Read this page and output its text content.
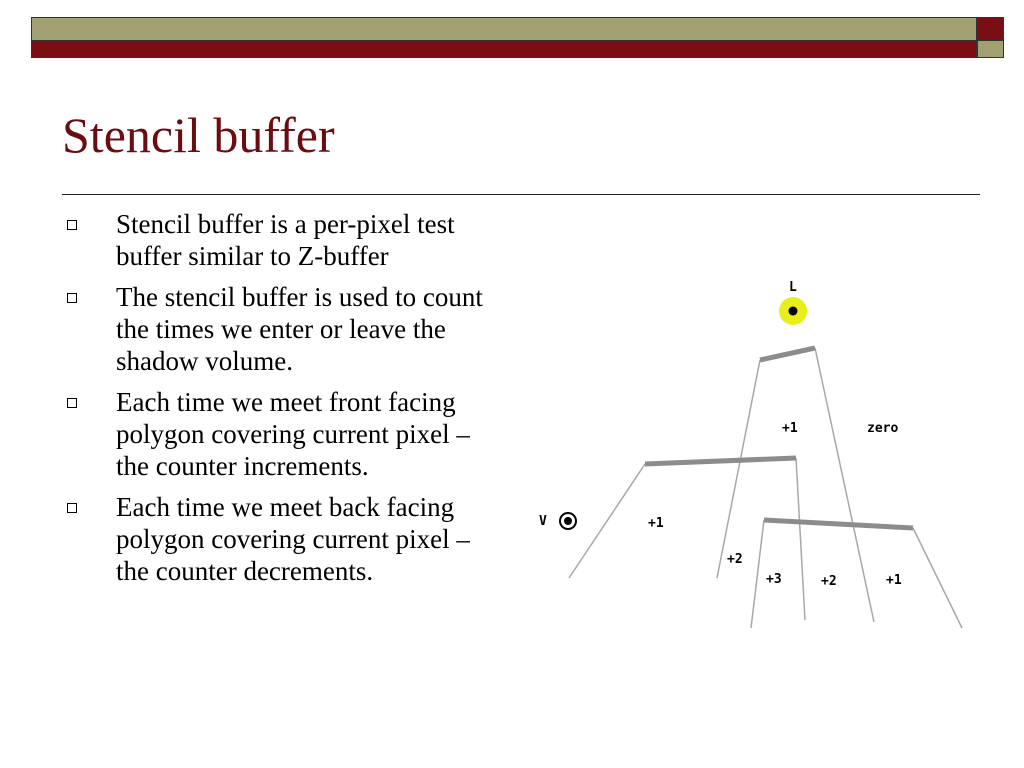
Stencil buffer
Stencil buffer is a per-pixel test buffer similar to Z-buffer
The stencil buffer is used to count the times we enter or leave the shadow volume.
Each time we meet front facing polygon covering current pixel – the counter increments.
Each time we meet back facing polygon covering current pixel – the counter decrements.
L
V
+1	zero
+1
+2
+3	+2	+1
